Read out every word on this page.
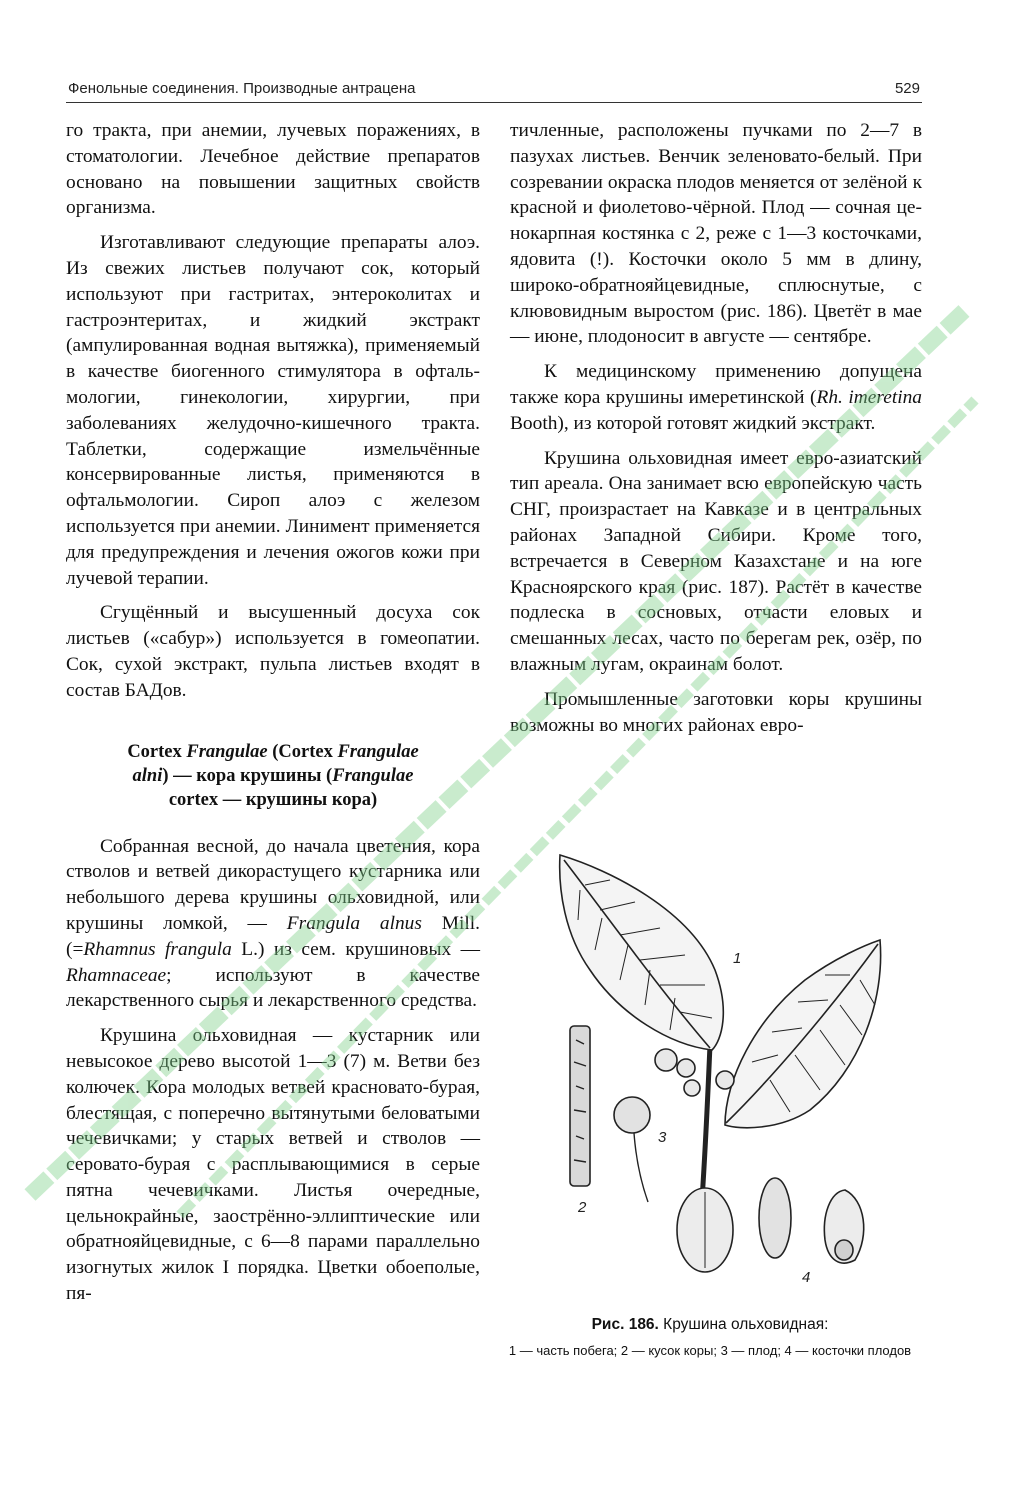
Фенольные соединения. Производные антрацена	529

го тракта, при анемии, лучевых поражениях, в стоматологии. Лечебное действие препаратов основано на повышении защитных свойств организма.

Изготавливают следующие препараты алоэ. Из свежих листьев получают сок, который используют при гастритах, энтероколитах и гастроэнтеритах, и жидкий экстракт (ампулированная водная вытяжка), применяемый в качестве биогенного стимулятора в офтальмологии, гинекологии, хирургии, при заболеваниях желудочно-кишечного тракта. Таблетки, содержащие измельчённые консервированные листья, применяются в офтальмологии. Сироп алоэ с железом используется при анемии. Линимент применяется для предупреждения и лечения ожогов кожи при лучевой терапии.

Сгущённый и высушенный досуха сок листьев («сабур») используется в гомеопатии. Сок, сухой экстракт, пульпа листьев входят в состав БАДов.

Cortex Frangulae (Cortex Frangulae
alni) — кора крушины (Frangulae
cortex — крушины кора)

Собранная весной, до начала цветения, кора стволов и ветвей дикорастущего кустарника или небольшого дерева крушины ольховидной, или крушины ломкой, — Frangula alnus Mill. (=Rhamnus frangula L.) из сем. крушиновых — Rhamnaceae; используют в качестве лекарственного сырья и лекарственного средства.

Крушина ольховидная — кустарник или невысокое дерево высотой 1—3 (7) м. Ветви без колючек. Кора молодых ветвей красновато-бурая, блестящая, с поперечно вытянутыми беловатыми чечевичками; у старых ветвей и стволов — серовато-бурая с расплывающимися в серые пятна чечевичками. Листья очередные, цельнокрайные, заострённо-эллиптические или обратнояйцевидные, с 6—8 парами параллельно изогнутых жилок I порядка. Цветки обоеполые, пя-

тичленные, расположены пучками по 2—7 в пазухах листьев. Венчик зеленовато-белый. При созревании окраска плодов меняется от зелёной к красной и фиолетово-чёрной. Плод — сочная ценокарпная костянка с 2, реже с 1—3 косточками, ядовита (!). Косточки около 5 мм в длину, широко-обратнояйцевидные, сплюснутые, с клювовидным выростом (рис. 186). Цветёт в мае — июне, плодоносит в августе — сентябре.

К медицинскому применению допущена также кора крушины имеретинской (Rh. imeretina Booth), из которой готовят жидкий экстракт.

Крушина ольховидная имеет евро-азиатский тип ареала. Она занимает всю европейскую часть СНГ, произрастает на Кавказе и в центральных районах Западной Сибири. Кроме того, встречается в Северном Казахстане и на юге Красноярского края (рис. 187). Растёт в качестве подлеска в сосновых, отчасти еловых и смешанных лесах, часто по берегам рек, озёр, по влажным лугам, окраинам болот.

Промышленные заготовки коры крушины возможны во многих районах евро-

1
2
3
4
Рис. 186. Крушина ольховидная:
1 — часть побега; 2 — кусок коры; 3 — плод; 4 — косточки плодов
